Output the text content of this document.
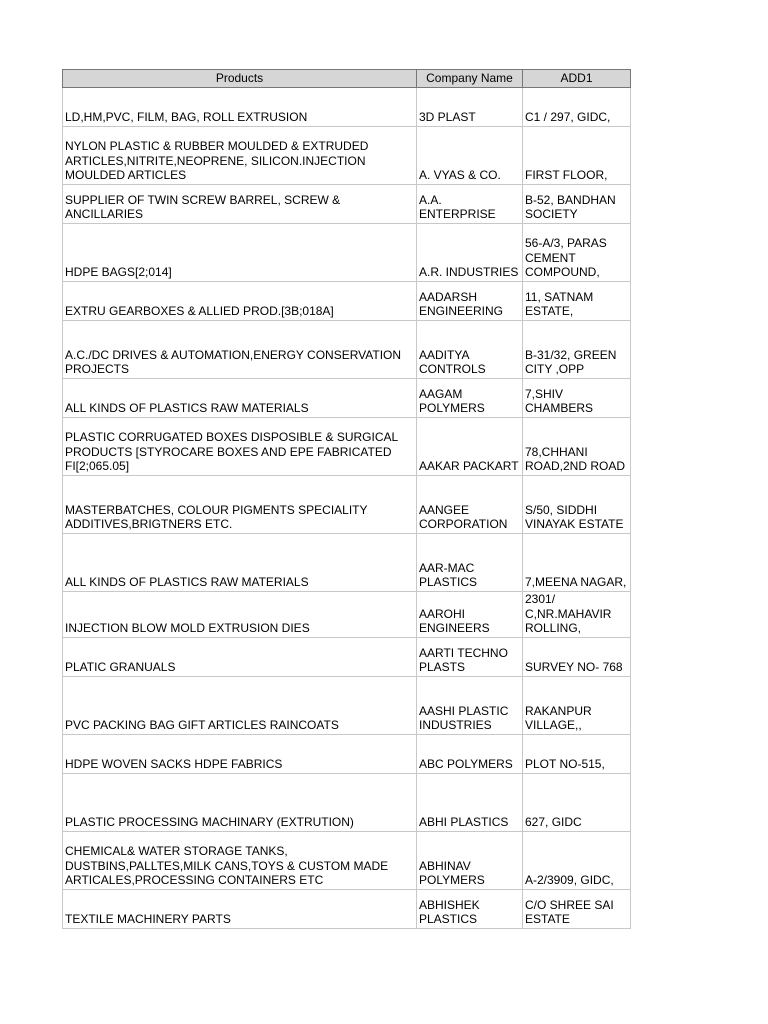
Products	Company Name	ADD1
LD,HM,PVC, FILM, BAG, ROLL EXTRUSION	3D PLAST	C1 / 297, GIDC,
NYLON PLASTIC & RUBBER MOULDED & EXTRUDED ARTICLES,NITRITE,NEOPRENE, SILICON.INJECTION MOULDED ARTICLES	A. VYAS & CO.	FIRST FLOOR,
SUPPLIER OF TWIN SCREW BARREL, SCREW & ANCILLARIES	A.A. ENTERPRISE	B-52, BANDHAN SOCIETY
HDPE BAGS[2;014]	A.R. INDUSTRIES	56-A/3, PARAS CEMENT COMPOUND,
EXTRU GEARBOXES & ALLIED PROD.[3B;018A]	AADARSH ENGINEERING	11, SATNAM ESTATE,
A.C./DC DRIVES & AUTOMATION,ENERGY CONSERVATION PROJECTS	AADITYA CONTROLS	B-31/32, GREEN CITY ,OPP
ALL KINDS OF PLASTICS RAW MATERIALS	AAGAM POLYMERS	7,SHIV CHAMBERS
PLASTIC CORRUGATED BOXES DISPOSIBLE & SURGICAL PRODUCTS [STYROCARE BOXES AND EPE FABRICATED FI[2;065.05]	AAKAR PACKART	78,CHHANI ROAD,2ND ROAD
MASTERBATCHES, COLOUR PIGMENTS SPECIALITY ADDITIVES,BRIGTNERS ETC.	AANGEE CORPORATION	S/50, SIDDHI VINAYAK ESTATE
ALL KINDS OF PLASTICS RAW MATERIALS	AAR-MAC PLASTICS	7,MEENA NAGAR,
INJECTION BLOW MOLD EXTRUSION DIES	AAROHI ENGINEERS	2301/ C,NR.MAHAVIR ROLLING,
PLATIC GRANUALS	AARTI TECHNO PLASTS	SURVEY NO- 768
PVC PACKING BAG GIFT ARTICLES RAINCOATS	AASHI PLASTIC INDUSTRIES	RAKANPUR VILLAGE,,
HDPE WOVEN SACKS HDPE FABRICS	ABC POLYMERS	PLOT NO-515,
PLASTIC PROCESSING MACHINARY (EXTRUTION)	ABHI PLASTICS	627, GIDC
CHEMICAL& WATER STORAGE TANKS, DUSTBINS,PALLTES,MILK CANS,TOYS & CUSTOM MADE ARTICALES,PROCESSING CONTAINERS ETC	ABHINAV POLYMERS	A-2/3909, GIDC,
TEXTILE MACHINERY PARTS	ABHISHEK PLASTICS	C/O SHREE SAI ESTATE
